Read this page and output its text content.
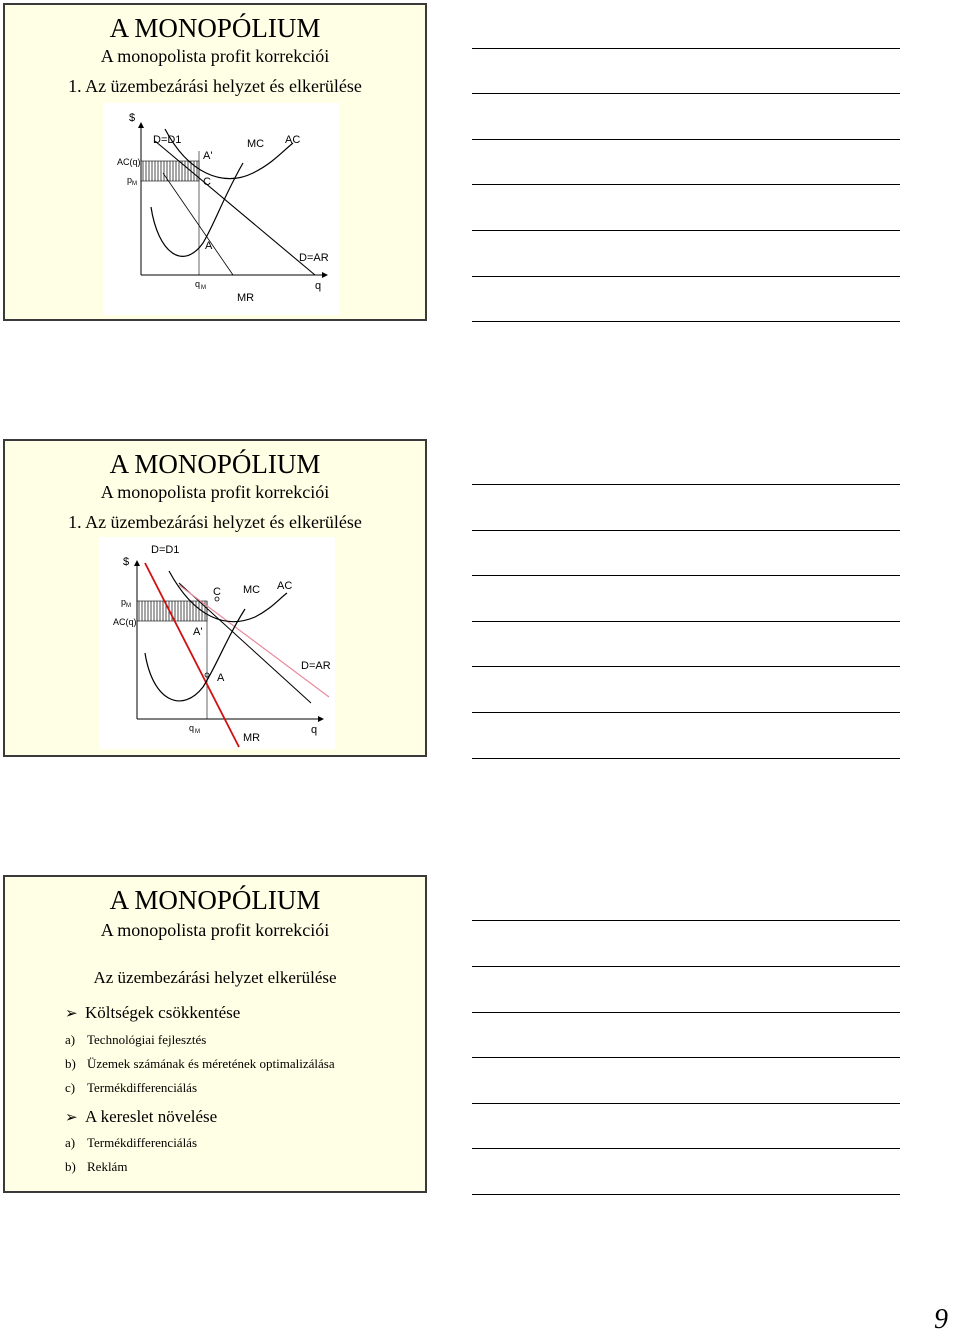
A MONOPÓLIUM
A monopolista profit korrekciói
1. Az üzembezárási helyzet és elkerülése
$
AC(q)
p M
D=D1
A'
MC AC
C
A
D=AR
q M
MR
q
A MONOPÓLIUM
A monopolista profit korrekciói
1. Az üzembezárási helyzet és elkerülése
$
D=D1
C MC AC
p M
AC(q)
A'
A
D=AR
q M	MR
q
A MONOPÓLIUM
A monopolista profit korrekciói
Az üzembezárási helyzet elkerülése
➢ Költségek csökkentése
a) Technológiai fejlesztés
b) Üzemek számának és méretének optimalizálása
c) Termékdifferenciálás
➢ A kereslet növelése
a) Termékdifferenciálás
b) Reklám
9
